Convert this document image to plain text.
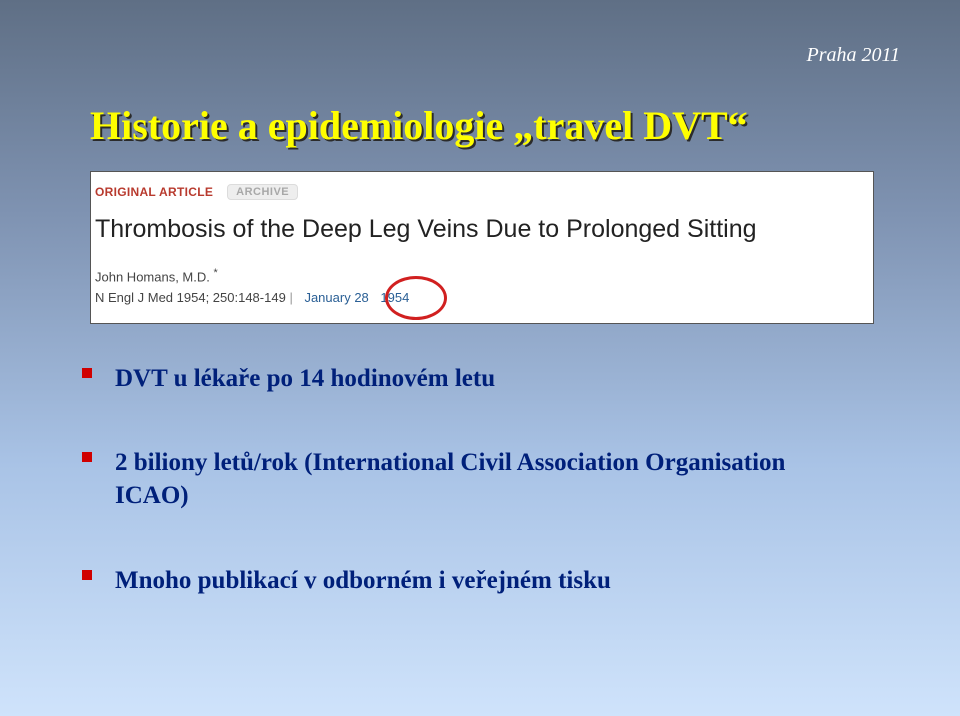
Praha 2011
Historie a epidemiologie „travel DVT“
ORIGINAL ARTICLE	ARCHIVE
Thrombosis of the Deep Leg Veins Due to Prolonged Sitting
John Homans, M.D. *
N Engl J Med 1954; 250:148-149 | January 28 1954
DVT u lékaře po 14 hodinovém letu
2 biliony letů/rok (International Civil Association Organisation ICAO)
Mnoho publikací v odborném i veřejném tisku
